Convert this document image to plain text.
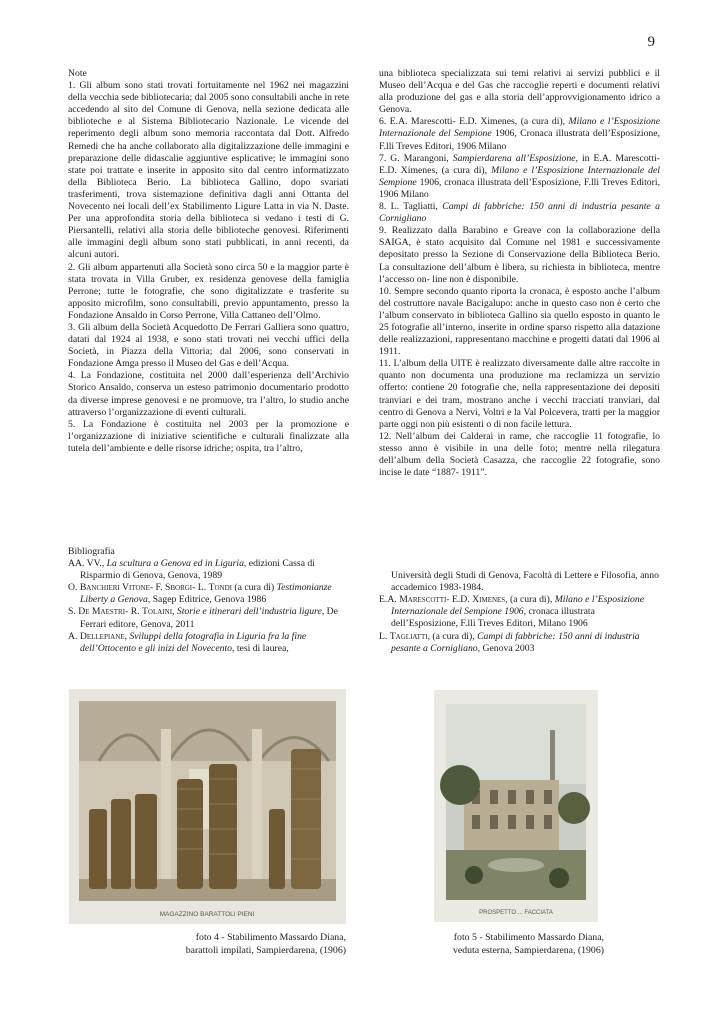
9

Note

1. Gli album sono stati trovati fortuitamente nel 1962 nei magazzini della vecchia sede bibliotecaria; dal 2005 sono consultabili anche in rete accedendo al sito del Comune di Genova, nella sezione dedicata alle biblioteche e al Sistema Bibliotecario Nazionale. Le vicende del reperimento degli album sono memoria raccontata dal Dott. Alfredo Remedi che ha anche collaborato alla digitalizzazione delle immagini e preparazione delle didascalie aggiuntive esplicative; le immagini sono state poi trattate e inserite in apposito sito dal centro informatizzato della Biblioteca Berio. La biblioteca Gallino, dopo svariati trasferimenti, trova sistemazione definitiva dagli anni Ottanta del Novecento nei locali dell’ex Stabilimento Ligure Latta in via N. Daste. Per una approfondita storia della biblioteca si vedano i testi di G. Piersantelli, relativi alla storia delle biblioteche genovesi. Riferimenti alle immagini degli album sono stati pubblicati, in anni recenti, da alcuni autori.

2. Gli album appartenuti alla Società sono circa 50 e la maggior parte è stata trovata in Villa Gruber, ex residenza genovese della famiglia Perrone; tutte le fotografie, che sono digitalizzate e trasferite su apposito microfilm, sono consultabili, previo appuntamento, presso la Fondazione Ansaldo in Corso Perrone, Villa Cattaneo dell’Olmo.

3. Gli album della Società Acquedotto De Ferrari Galliera sono quattro, datati dal 1924 al 1938, e sono stati trovati nei vecchi uffici della Società, in Piazza della Vittoria; dal 2006, sono conservati in Fondazione Amga presso il Museo del Gas e dell’Acqua.

4. La Fondazione, costituita nel 2000 dall’esperienza dell’Archivio Storico Ansaldo, conserva un esteso patrimonio documentario prodotto da diverse imprese genovesi e ne promuove, tra l’altro, lo studio anche attraverso l’organizzazione di eventi culturali.

5. La Fondazione è costituita nel 2003 per la promozione e l’organizzazione di iniziative scientifiche e culturali finalizzate alla tutela dell’ambiente e delle risorse idriche; ospita, tra l’altro,

una biblioteca specializzata sui temi relativi ai servizi pubblici e il Museo dell’Acqua e del Gas che raccoglie reperti e documenti relativi alla produzione del gas e alla storia dell’approvvigionamento idrico a Genova.

6. E.A. Marescotti- E.D. Ximenes, (a cura di), Milano e l’Esposizione Internazionale del Sempione 1906, Cronaca illustrata dell’Esposizione, F.lli Treves Editori, 1906 Milano

7. G. Marangoni, Sampierdarena all’Esposizione, in E.A. Marescotti- E.D. Ximenes, (a cura di), Milano e l’Esposizione Internazionale del Sempione 1906, cronaca illustrata dell’Esposizione, F.lli Treves Editori, 1906 Milano

8. L. Tagliatti, Campi di fabbriche: 150 anni di industria pesante a Cornigliano

9. Realizzato dalla Barabino e Greave con la collaborazione della SAIGA, è stato acquisito dal Comune nel 1981 e successivamente depositato presso la Sezione di Conservazione della Biblioteca Berio. La consultazione dell’album è libera, su richiesta in biblioteca, mentre l’accesso on- line non è disponibile.

10. Sempre secondo quanto riporta la cronaca, è esposto anche l’album del costruttore navale Bacigalupo: anche in questo caso non è certo che l’album conservato in biblioteca Gallino sia quello esposto in quanto le 25 fotografie all’interno, inserite in ordine sparso rispetto alla datazione delle realizzazioni, rappresentano macchine e progetti datati dal 1906 al 1911.

11. L’album della UITE è realizzato diversamente dalle altre raccolte in quanto non documenta una produzione ma reclamizza un servizio offerto: contiene 20 fotografie che, nella rappresentazione dei depositi tranviari e dei tram, mostrano anche i vecchi tracciati tranviari, dal centro di Genova a Nervi, Voltri e la Val Polcevera, tratti per la maggior parte oggi non più esistenti o di non facile lettura.

12. Nell’album dei Calderai in rame, che raccoglie 11 fotografie, lo stesso anno è visibile in una delle foto; mentre nella rilegatura dell’album della Società Casazza, che raccoglie 22 fotografie, sono incise le date “1887- 1911”.

Bibliografia

AA. VV., La scultura a Genova ed in Liguria, edizioni Cassa di Risparmio di Genova, Genova, 1989

O. Banchieri Vitone- F. Sborgi- L. Tondi (a cura di) Testimonianze Liberty a Genova, Sagep Editrice, Genova 1986

S. De Maestri- R. Tolaini, Storie e itinerari dell’industria ligure, De Ferrari editore, Genova, 2011

A. Dellepiane, Sviluppi della fotografia in Liguria fra la fine dell’Ottocento e gli inizi del Novecento, tesi di laurea,

Università degli Studi di Genova, Facoltà di Lettere e Filosofia, anno accademico 1983-1984.

E.A. Marescotti- E.D. Ximenes, (a cura di), Milano e l’Esposizione Internazionale del Sempione 1906, cronaca illustrata dell’Esposizione, F.lli Treves Editori, Milano 1906

L. Tagliatti, (a cura di), Campi di fabbriche: 150 anni di industria pesante a Cornigliano, Genova 2003

MAGAZZINO BARATTOLI PIENI
foto 4 - Stabilimento Massardo Diana,
barattoli impilati, Sampierdarena, (1906)
PROSPETTO ... FACCIATA
foto 5 - Stabilimento Massardo Diana,
veduta esterna, Sampierdarena, (1906)
